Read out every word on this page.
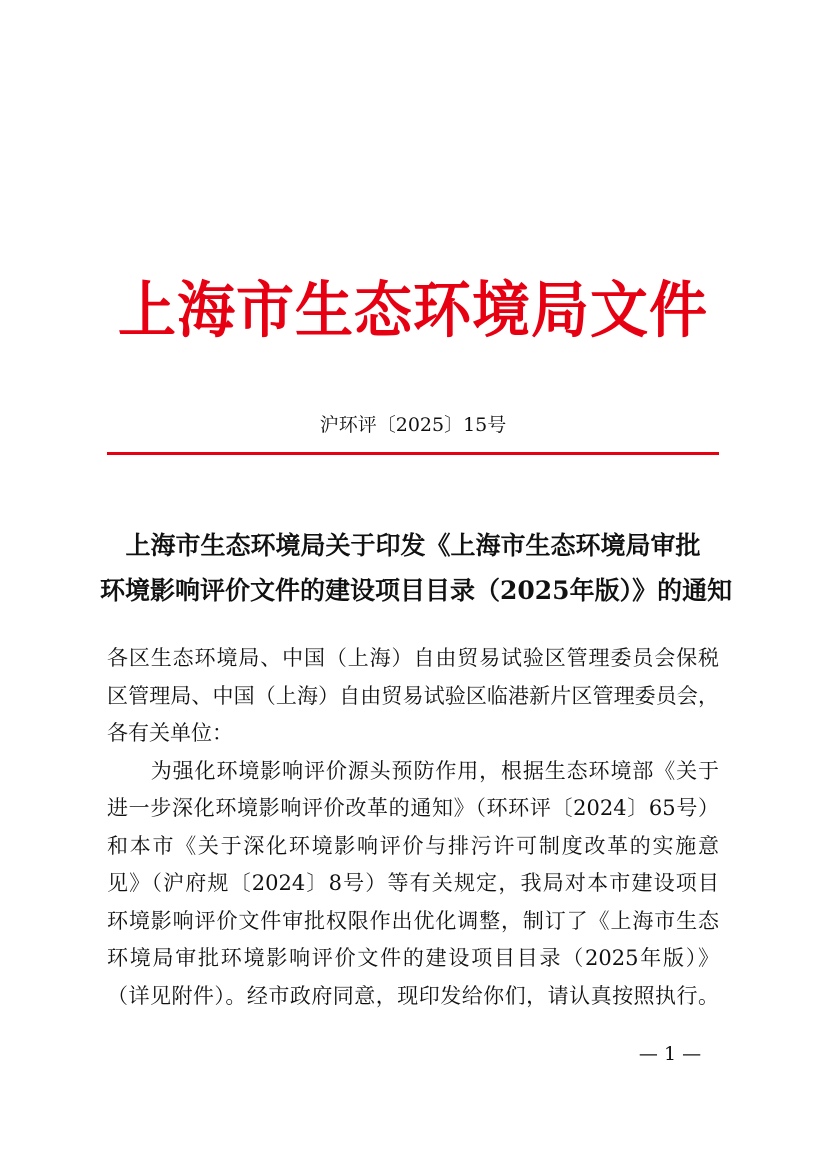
上海市生态环境局文件
沪环评〔2025〕15号
上海市生态环境局关于印发《上海市生态环境局审批
环境影响评价文件的建设项目目录（2025年版）》的通知
各区生态环境局、中国（上海）自由贸易试验区管理委员会保税
区管理局、中国（上海）自由贸易试验区临港新片区管理委员会，
各有关单位：
　　为强化环境影响评价源头预防作用，根据生态环境部《关于
进一步深化环境影响评价改革的通知》（环环评〔2024〕65号）
和本市《关于深化环境影响评价与排污许可制度改革的实施意
见》（沪府规〔2024〕8号）等有关规定，我局对本市建设项目
环境影响评价文件审批权限作出优化调整，制订了《上海市生态
环境局审批环境影响评价文件的建设项目目录（2025年版）》
（详见附件）。经市政府同意，现印发给你们，请认真按照执行。
— 1 —
